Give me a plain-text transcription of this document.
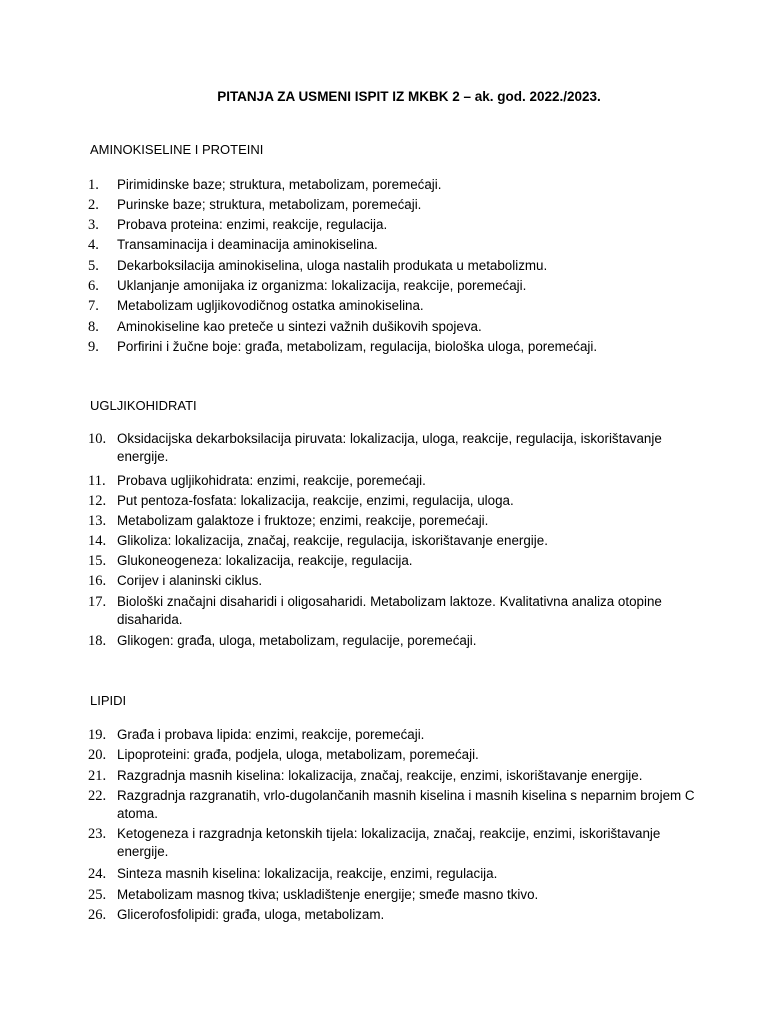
PITANJA ZA USMENI ISPIT IZ MKBK 2 – ak. god. 2022./2023.
AMINOKISELINE I PROTEINI
1.	Pirimidinske baze; struktura, metabolizam, poremećaji.
2.	Purinske baze; struktura, metabolizam, poremećaji.
3.	Probava proteina: enzimi, reakcije, regulacija.
4.	Transaminacija i deaminacija aminokiselina.
5.	Dekarboksilacija aminokiselina, uloga nastalih produkata u metabolizmu.
6.	Uklanjanje amonijaka iz organizma: lokalizacija, reakcije, poremećaji.
7.	Metabolizam ugljikovodičnog ostatka aminokiselina.
8.	Aminokiseline kao preteče u sintezi važnih dušikovih spojeva.
9.	Porfirini i žučne boje: građa, metabolizam, regulacija, biološka uloga, poremećaji.
UGLJIKOHIDRATI
10. Oksidacijska dekarboksilacija piruvata: lokalizacija, uloga, reakcije, regulacija, iskorištavanje energije.
11. Probava ugljikohidrata: enzimi, reakcije, poremećaji.
12. Put pentoza-fosfata: lokalizacija, reakcije, enzimi, regulacija, uloga.
13. Metabolizam galaktoze i fruktoze; enzimi, reakcije, poremećaji.
14. Glikoliza: lokalizacija, značaj, reakcije, regulacija, iskorištavanje energije.
15. Glukoneogeneza: lokalizacija, reakcije, regulacija.
16. Corijev i alaninski ciklus.
17. Biološki značajni disaharidi i oligosaharidi. Metabolizam laktoze. Kvalitativna analiza otopine disaharida.
18. Glikogen: građa, uloga, metabolizam, regulacije, poremećaji.
LIPIDI
19. Građa i probava lipida: enzimi, reakcije, poremećaji.
20. Lipoproteini: građa, podjela, uloga, metabolizam, poremećaji.
21. Razgradnja masnih kiselina: lokalizacija, značaj, reakcije, enzimi, iskorištavanje energije.
22. Razgradnja razgranatih, vrlo-dugolančanih masnih kiselina i masnih kiselina s neparnim brojem C atoma.
23. Ketogeneza i razgradnja ketonskih tijela: lokalizacija, značaj, reakcije, enzimi, iskorištavanje energije.
24. Sinteza masnih kiselina: lokalizacija, reakcije, enzimi, regulacija.
25. Metabolizam masnog tkiva; uskladištenje energije; smeđe masno tkivo.
26. Glicerofosfolipidi: građa, uloga, metabolizam.
